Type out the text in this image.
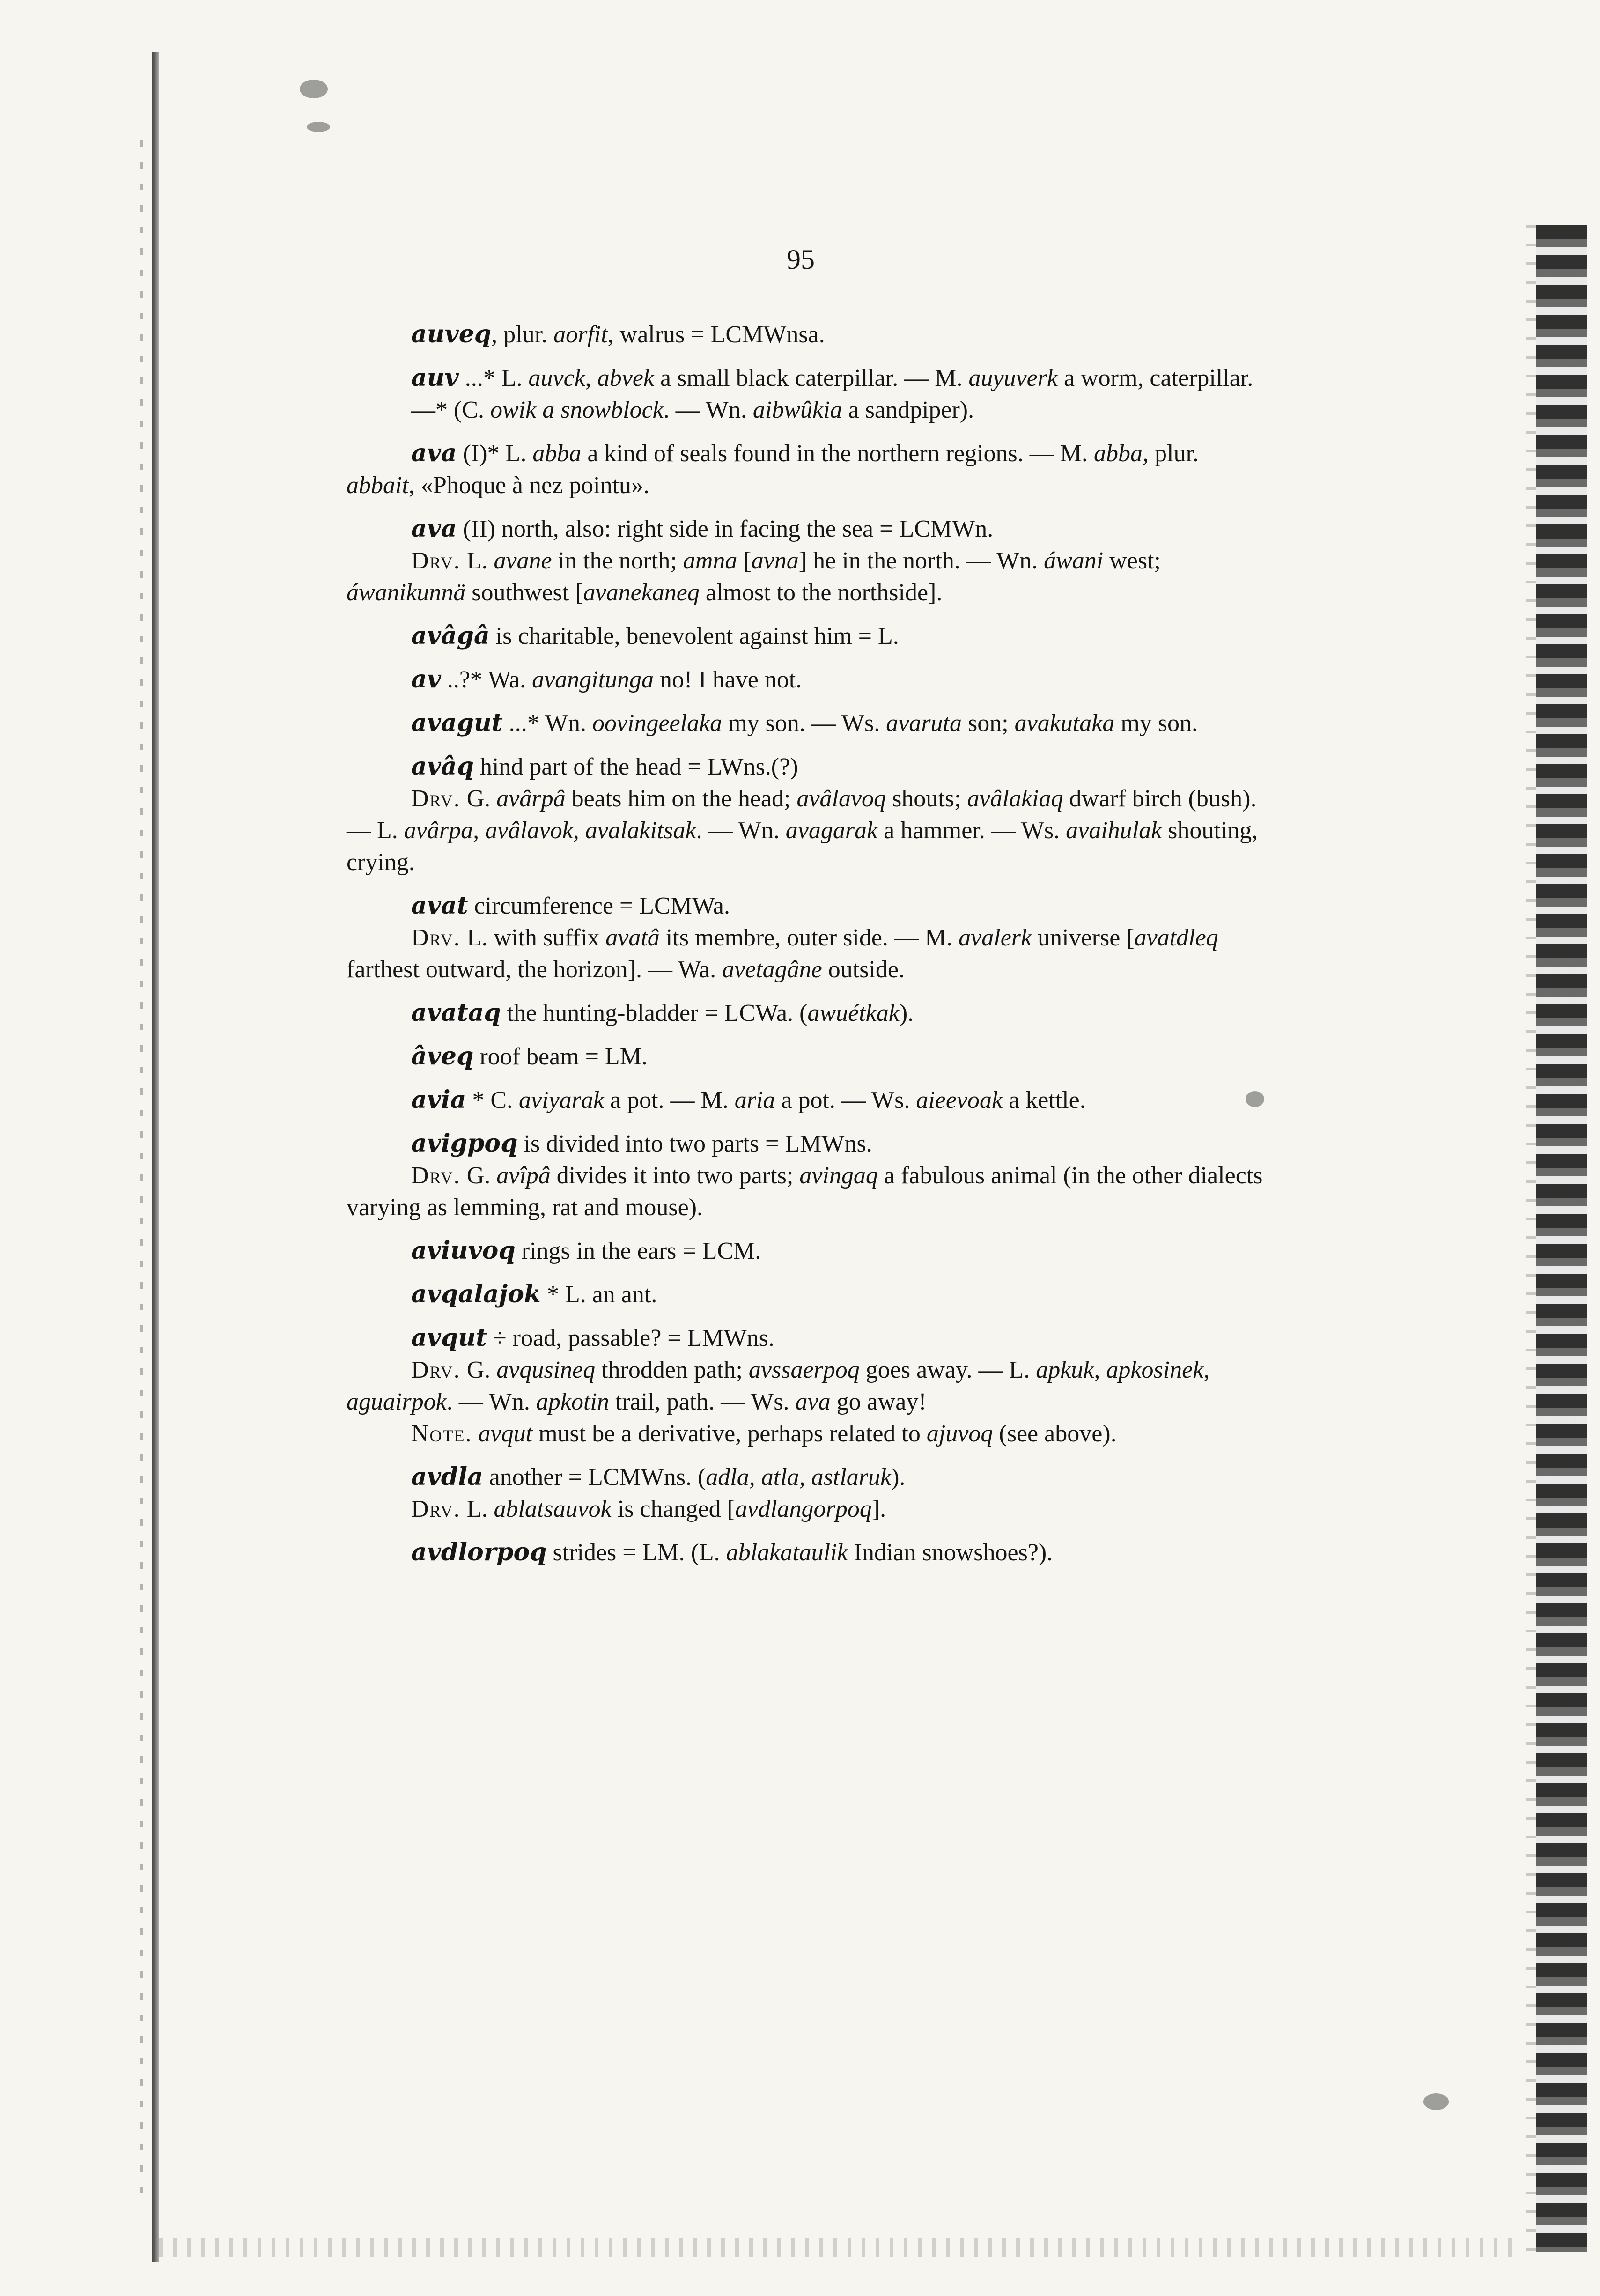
95

auveq, plur. aorfit, walrus = LCMWnsa.

auv ...* L. auvck, abvek a small black caterpillar. — M. auyuverk a worm, caterpillar.

—* (C. owik a snowblock. — Wn. aibwûkia a sandpiper).

ava (I)* L. abba a kind of seals found in the northern regions. — M. abba, plur. abbait, «Phoque à nez pointu».

ava (II) north, also: right side in facing the sea = LCMWn.

Drv. L. avane in the north; amna [avna] he in the north. — Wn. áwani west; áwanikunnä southwest [avanekaneq almost to the northside].

avâgâ is charitable, benevolent against him = L.

av ..?* Wa. avangitunga no! I have not.

avagut ...* Wn. oovingeelaka my son. — Ws. avaruta son; avakutaka my son.

avâq hind part of the head = LWns.(?)

Drv. G. avârpâ beats him on the head; avâlavoq shouts; avâlakiaq dwarf birch (bush). — L. avârpa, avâlavok, avalakitsak. — Wn. avagarak a hammer. — Ws. avaihulak shouting, crying.

avat circumference = LCMWa.

Drv. L. with suffix avatâ its membre, outer side. — M. avalerk universe [avatdleq farthest outward, the horizon]. — Wa. avetagâne outside.

avataq the hunting-bladder = LCWa. (awuétkak).

âveq roof beam = LM.

avia * C. aviyarak a pot. — M. aria a pot. — Ws. aieevoak a kettle.

avigpoq is divided into two parts = LMWns.

Drv. G. avîpâ divides it into two parts; avingaq a fabulous animal (in the other dialects varying as lemming, rat and mouse).

aviuvoq rings in the ears = LCM.

avqalajok * L. an ant.

avqut ÷ road, passable? = LMWns.

Drv. G. avqusineq throdden path; avssaerpoq goes away. — L. apkuk, apkosinek, aguairpok. — Wn. apkotin trail, path. — Ws. ava go away!

Note. avqut must be a derivative, perhaps related to ajuvoq (see above).

avdla another = LCMWns. (adla, atla, astlaruk).

Drv. L. ablatsauvok is changed [avdlangorpoq].

avdlorpoq strides = LM. (L. ablakataulik Indian snowshoes?).
